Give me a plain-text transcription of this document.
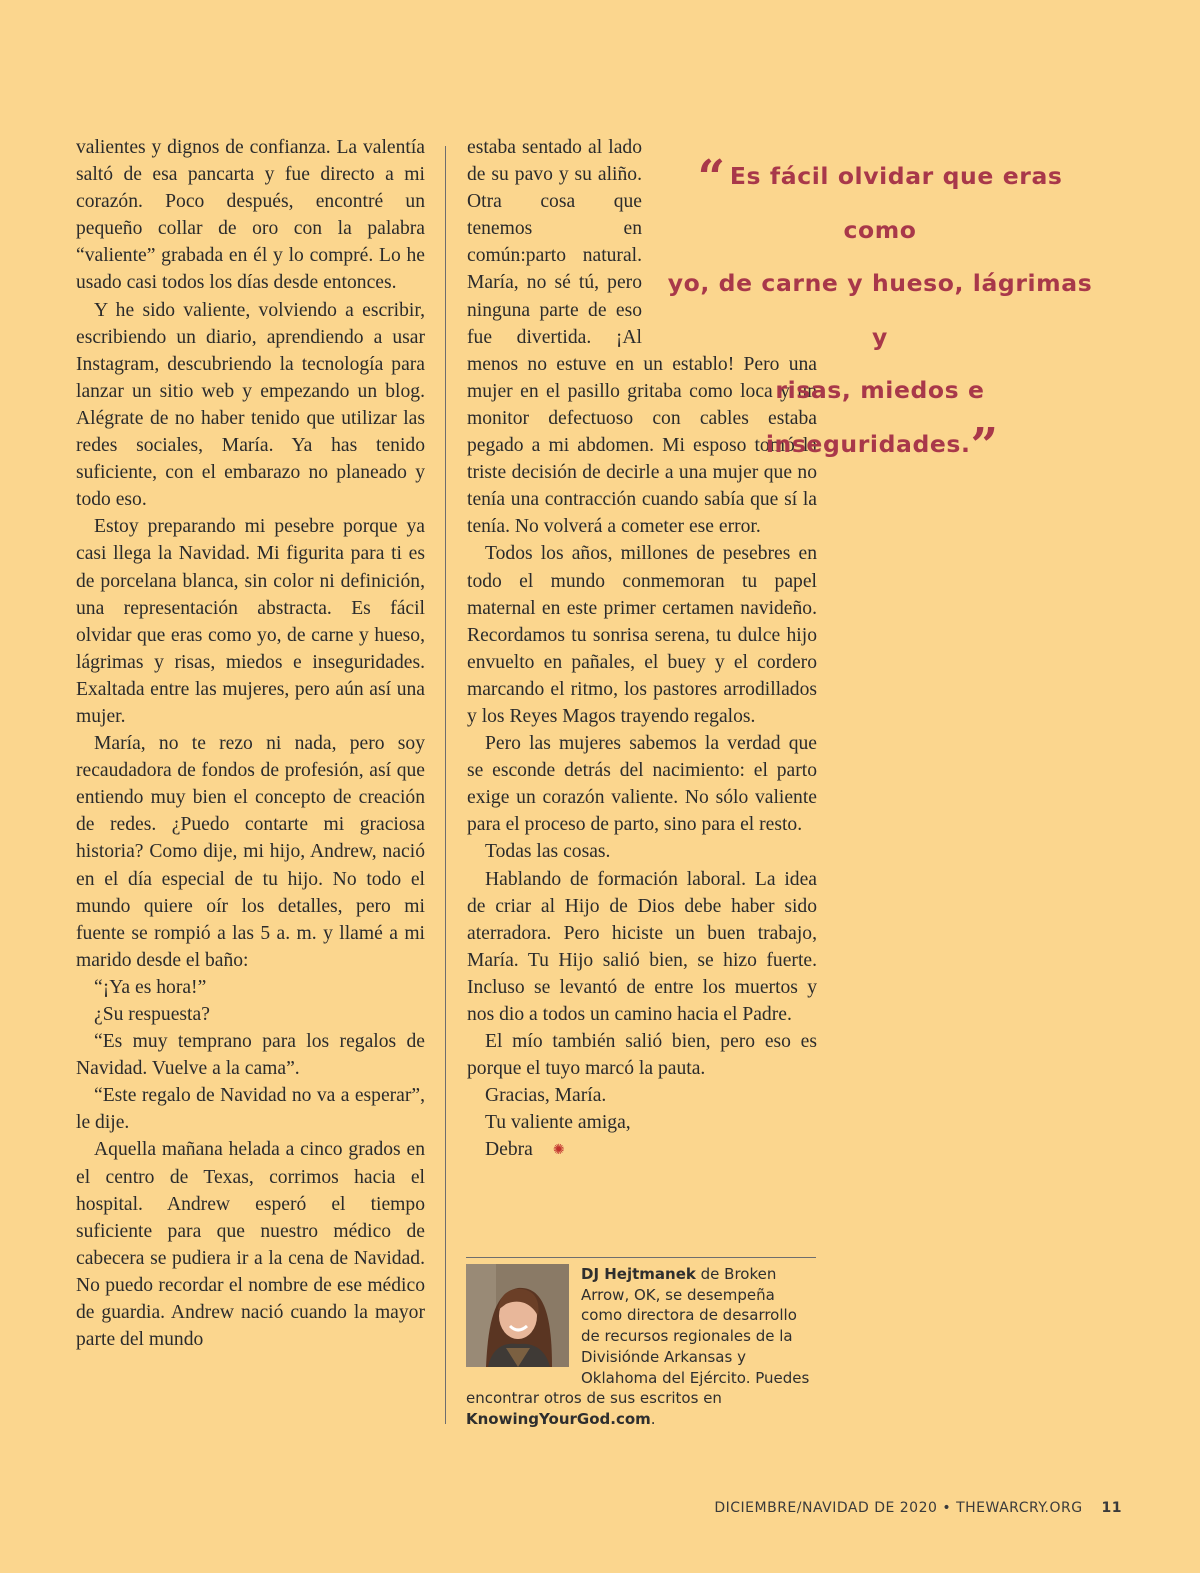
valientes y dignos de confianza. La valentía saltó de esa pancarta y fue directo a mi corazón. Poco después, encontré un pequeño collar de oro con la palabra “valiente” grabada en él y lo compré. Lo he usado casi todos los días desde entonces.

Y he sido valiente, volviendo a escribir, escribiendo un diario, aprendiendo a usar Instagram, descubriendo la tecnología para lanzar un sitio web y empezando un blog. Alégrate de no haber tenido que utilizar las redes sociales, María. Ya has tenido suficiente, con el embarazo no planeado y todo eso.

Estoy preparando mi pesebre porque ya casi llega la Navidad. Mi figurita para ti es de porcelana blanca, sin color ni definición, una representación abstracta. Es fácil olvidar que eras como yo, de carne y hueso, lágrimas y risas, miedos e inseguridades. Exaltada entre las mujeres, pero aún así una mujer.

María, no te rezo ni nada, pero soy recaudadora de fondos de profesión, así que entiendo muy bien el concepto de creación de redes. ¿Puedo contarte mi graciosa historia? Como dije, mi hijo, Andrew, nació en el día especial de tu hijo. No todo el mundo quiere oír los detalles, pero mi fuente se rompió a las 5 a. m. y llamé a mi marido desde el baño:

“¡Ya es hora!”

¿Su respuesta?

“Es muy temprano para los regalos de Navidad. Vuelve a la cama”.

“Este regalo de Navidad no va a esperar”, le dije.

Aquella mañana helada a cinco grados en el centro de Texas, corrimos hacia el hospital. Andrew esperó el tiempo suficiente para que nuestro médico de cabecera se pudiera ir a la cena de Navidad. No puedo recordar el nombre de ese médico de guardia. Andrew nació cuando la mayor parte del mundo

estaba sentado al lado de su pavo y su aliño. Otra cosa que tenemos en común:parto natural. María, no sé tú, pero ninguna parte de eso fue divertida. ¡Al menos no estuve en un establo! Pero una mujer en el pasillo gritaba como loca y un monitor defectuoso con cables estaba pegado a mi abdomen. Mi esposo tomó la triste decisión de decirle a una mujer que no tenía una contracción cuando sabía que sí la tenía. No volverá a cometer ese error.

Todos los años, millones de pesebres en todo el mundo conmemoran tu papel maternal en este primer certamen navideño. Recordamos tu sonrisa serena, tu dulce hijo envuelto en pañales, el buey y el cordero marcando el ritmo, los pastores arrodillados y los Reyes Magos trayendo regalos.

Pero las mujeres sabemos la verdad que se esconde detrás del nacimiento: el parto exige un corazón valiente. No sólo valiente para el proceso de parto, sino para el resto.

Todas las cosas.

Hablando de formación laboral. La idea de criar al Hijo de Dios debe haber sido aterradora. Pero hiciste un buen trabajo, María. Tu Hijo salió bien, se hizo fuerte. Incluso se levantó de entre los muertos y nos dio a todos un camino hacia el Padre.

El mío también salió bien, pero eso es porque el tuyo marcó la pauta.

Gracias, María.

Tu valiente amiga,

Debra ✺

“ Es fácil olvidar que eras como
yo, de carne y hueso, lágrimas y
risas, miedos e inseguridades.”
DJ Hejtmanek de Broken Arrow, OK, se desempeña como directora de desarrollo de recursos regionales de la Divisiónde Arkansas y Oklahoma del Ejército. Puedes encontrar otros de sus escritos en KnowingYourGod.com.
DICIEMBRE/NAVIDAD DE 2020 • THEWARCRY.ORG 11
